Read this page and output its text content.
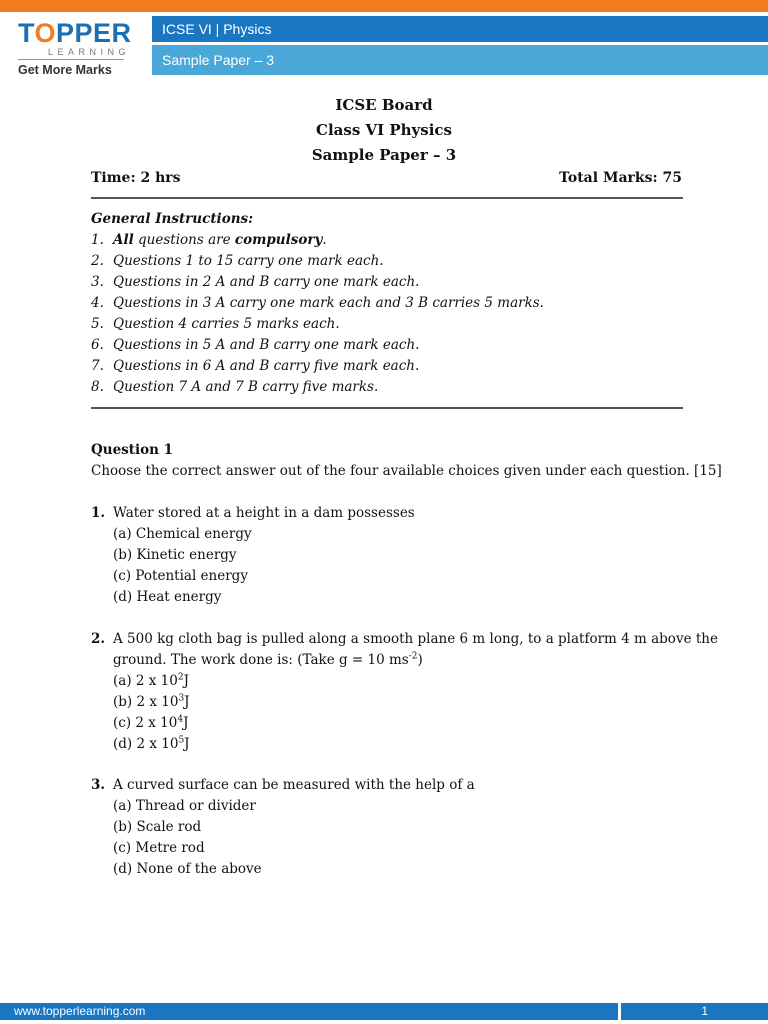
TOPPER
LEARNING
Get More Marks
ICSE VI | Physics
Sample Paper – 3
ICSE Board
Class VI Physics
Sample Paper – 3
Time: 2 hrs	Total Marks: 75
General Instructions:
1. All questions are compulsory.
2. Questions 1 to 15 carry one mark each.
3. Questions in 2 A and B carry one mark each.
4. Questions in 3 A carry one mark each and 3 B carries 5 marks.
5. Question 4 carries 5 marks each.
6. Questions in 5 A and B carry one mark each.
7. Questions in 6 A and B carry five mark each.
8. Question 7 A and 7 B carry five marks.
Question 1
Choose the correct answer out of the four available choices given under each question. [15]
1. Water stored at a height in a dam possesses
(a) Chemical energy
(b) Kinetic energy
(c) Potential energy
(d) Heat energy
2. A 500 kg cloth bag is pulled along a smooth plane 6 m long, to a platform 4 m above the
ground. The work done is: (Take g = 10 $ms^{-2}$)
(a) 2 x $10^2J$
(b) 2 x $10^3J$
(c) 2 x $10^4J$
(d) 2 x $10^5J$
3. A curved surface can be measured with the help of a
(a) Thread or divider
(b) Scale rod
(c) Metre rod
(d) None of the above
www.topperlearning.com	1
